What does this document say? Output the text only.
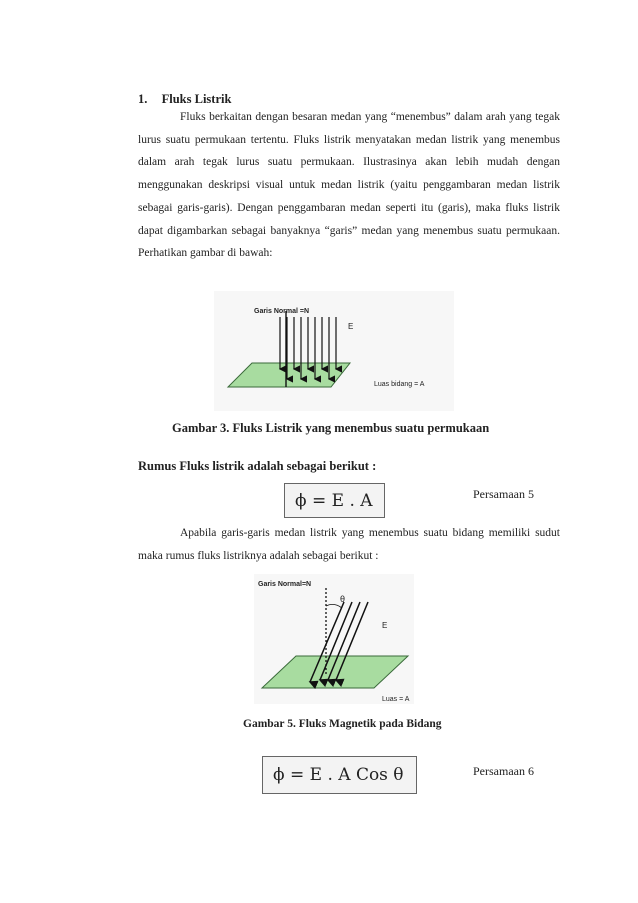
1. Fluks Listrik
Fluks berkaitan dengan besaran medan yang “menembus” dalam arah yang tegak lurus suatu permukaan tertentu. Fluks listrik menyatakan medan listrik yang menembus dalam arah tegak lurus suatu permukaan. Ilustrasinya akan lebih mudah dengan menggunakan deskripsi visual untuk medan listrik (yaitu penggambaran medan listrik sebagai garis-garis). Dengan penggambaran medan seperti itu (garis), maka fluks listrik dapat digambarkan sebagai banyaknya “garis” medan yang menembus suatu permukaan. Perhatikan gambar di bawah:
Garis Normal =N
E
Luas bidang = A
Gambar 3. Fluks Listrik yang menembus suatu permukaan
Rumus Fluks listrik adalah sebagai berikut :
ϕ = E . A	Persamaan 5
Apabila garis-garis medan listrik yang menembus suatu bidang memiliki sudut maka rumus fluks listriknya adalah sebagai berikut :
Garis Normal=N
θ
E
Luas = A
Gambar 5. Fluks Magnetik pada Bidang
ϕ = E . A Cos θ	Persamaan 6
